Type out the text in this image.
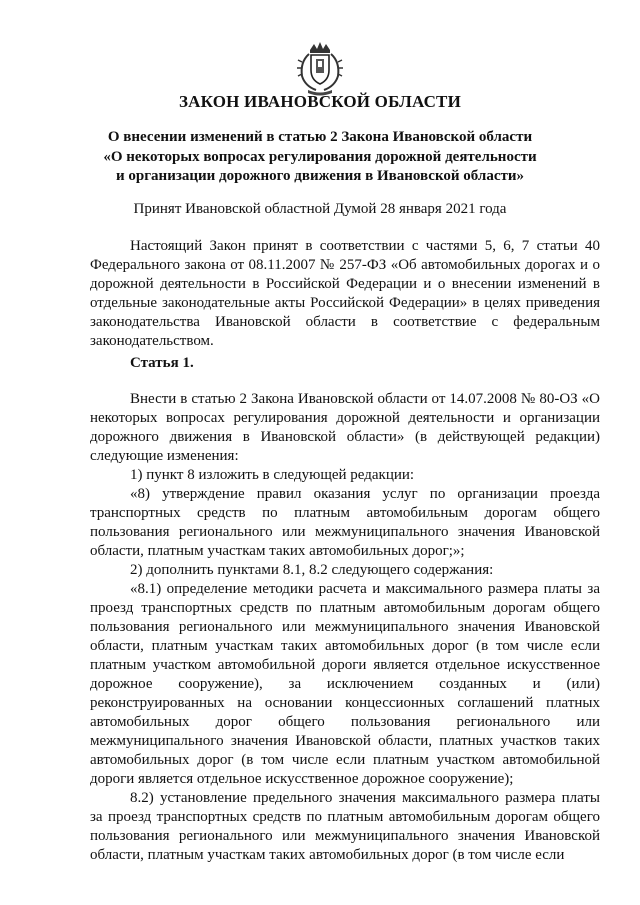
ЗАКОН ИВАНОВСКОЙ ОБЛАСТИ
О внесении изменений в статью 2 Закона Ивановской области
«О некоторых вопросах регулирования дорожной деятельности
и организации дорожного движения в Ивановской области»
Принят Ивановской областной Думой 28 января 2021 года

Настоящий Закон принят в соответствии с частями 5, 6, 7 статьи 40 Федерального закона от 08.11.2007 № 257-ФЗ «Об автомобильных дорогах и о дорожной деятельности в Российской Федерации и о внесении изменений в отдельные законодательные акты Российской Федерации» в целях приведения законодательства Ивановской области в соответствие с федеральным законодательством.

Статья 1.

Внести в статью 2 Закона Ивановской области от 14.07.2008 № 80-ОЗ «О некоторых вопросах регулирования дорожной деятельности и организации дорожного движения в Ивановской области» (в действующей редакции) следующие изменения:

1) пункт 8 изложить в следующей редакции:

«8) утверждение правил оказания услуг по организации проезда транспортных средств по платным автомобильным дорогам общего пользования регионального или межмуниципального значения Ивановской области, платным участкам таких автомобильных дорог;»;

2) дополнить пунктами 8.1, 8.2 следующего содержания:

«8.1) определение методики расчета и максимального размера платы за проезд транспортных средств по платным автомобильным дорогам общего пользования регионального или межмуниципального значения Ивановской области, платным участкам таких автомобильных дорог (в том числе если платным участком автомобильной дороги является отдельное искусственное дорожное сооружение), за исключением созданных и (или) реконструированных на основании концессионных соглашений платных автомобильных дорог общего пользования регионального или межмуниципального значения Ивановской области, платных участков таких автомобильных дорог (в том числе если платным участком автомобильной дороги является отдельное искусственное дорожное сооружение);

8.2) установление предельного значения максимального размера платы за проезд транспортных средств по платным автомобильным дорогам общего пользования регионального или межмуниципального значения Ивановской области, платным участкам таких автомобильных дорог (в том числе если
